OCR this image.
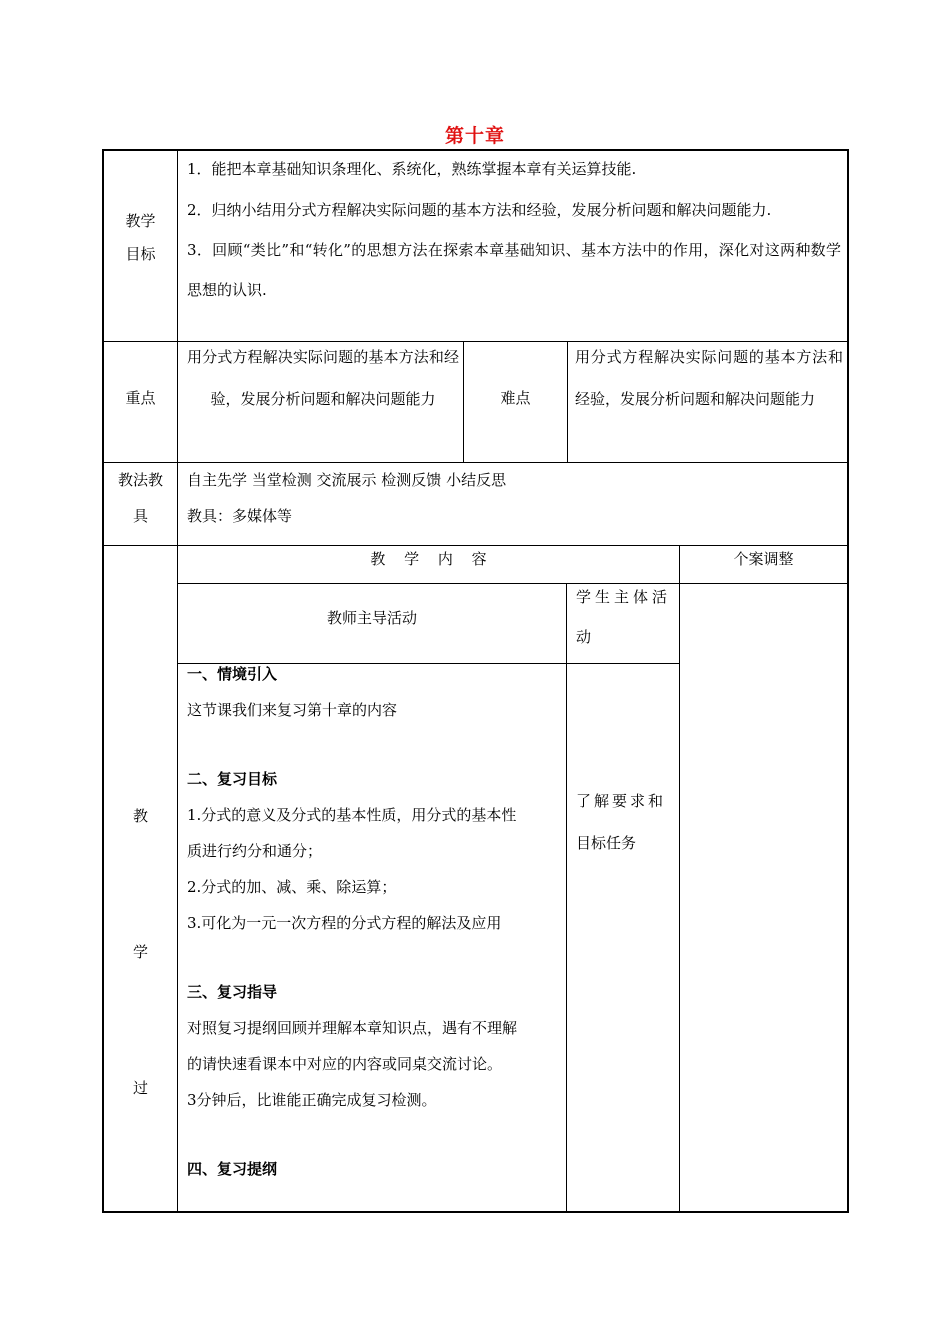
第十章
教学目标

1．能把本章基础知识条理化、系统化，熟练掌握本章有关运算技能.

2．归纳小结用分式方程解决实际问题的基本方法和经验，发展分析问题和解决问题能力.

3．回顾“类比”和“转化”的思想方法在探索本章基础知识、基本方法中的作用，深化对这两种数学思想的认识.

重点
用分式方程解决实际问题的基本方法和经验，发展分析问题和解决问题能力	难点
用分式方程解决实际问题的基本方法和经验，发展分析问题和解决问题能力
教法教具

自主先学 当堂检测 交流展示 检测反馈 小结反思

教具：多媒体等

教
学
过
教 学 内 容	个案调整
教师主导活动
学生主体活动

一、情境引入

这节课我们来复习第十章的内容

二、复习目标

1.分式的意义及分式的基本性质，用分式的基本性

质进行约分和通分；

2.分式的加、减、乘、除运算；

3.可化为一元一次方程的分式方程的解法及应用

三、复习指导

对照复习提纲回顾并理解本章知识点，遇有不理解

的请快速看课本中对应的内容或同桌交流讨论。

3分钟后，比谁能正确完成复习检测。

四、复习提纲

了解要求和

目标任务
